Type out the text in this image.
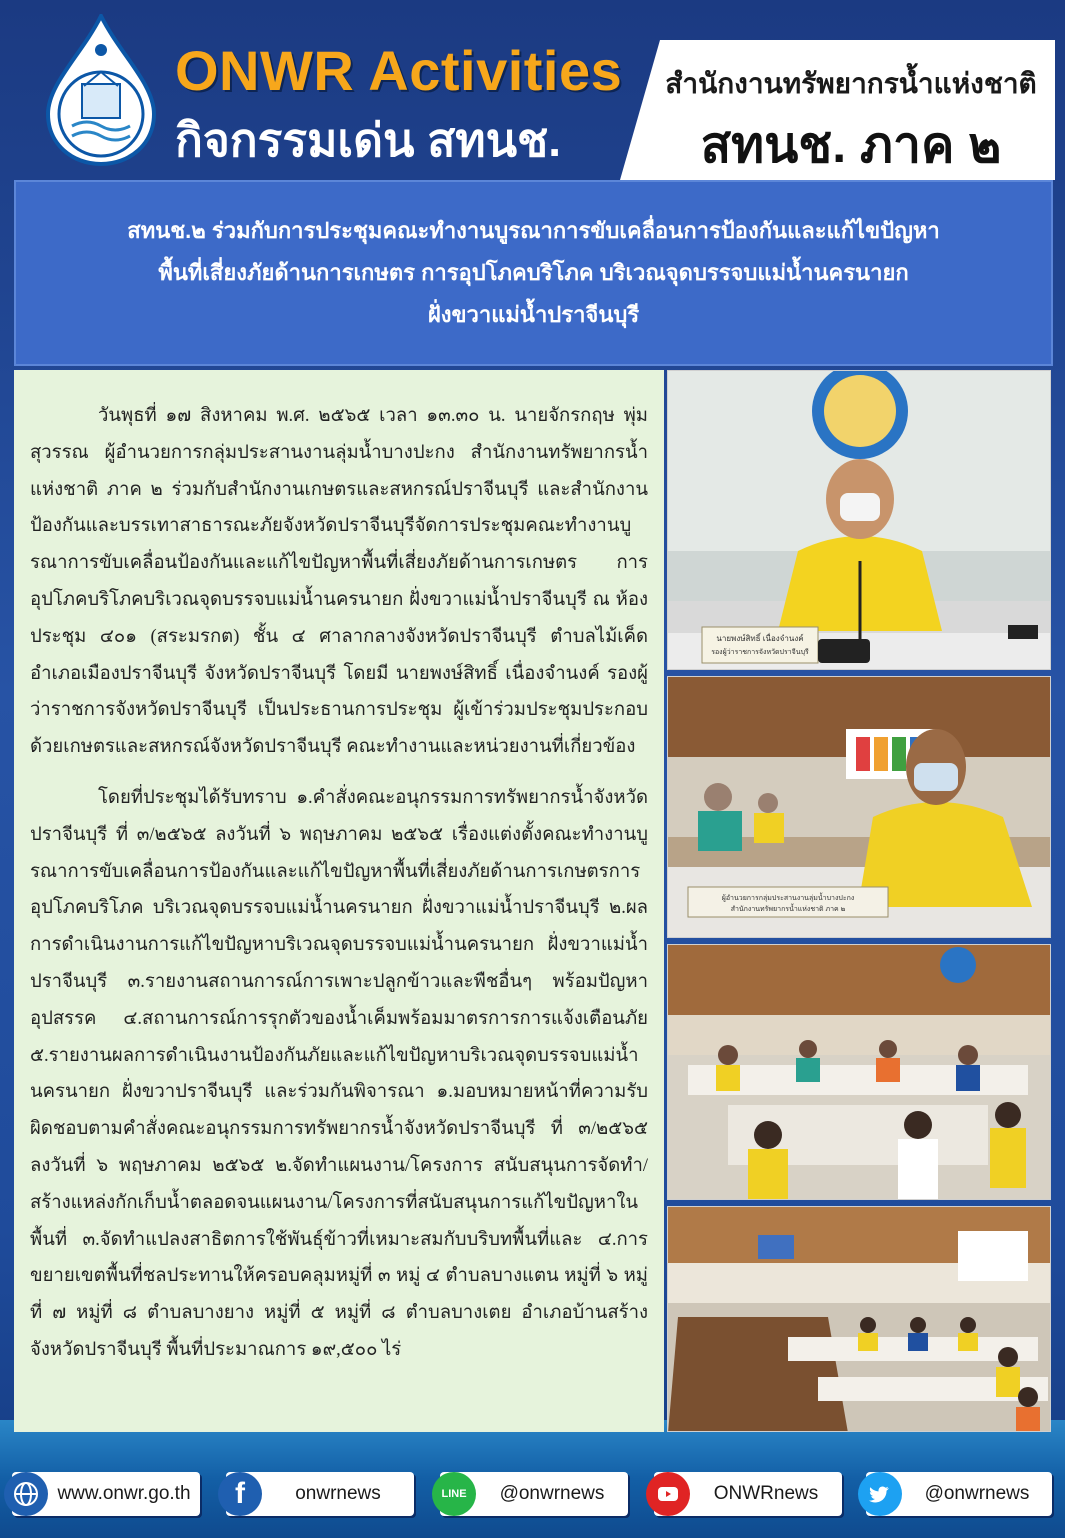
ONWR Activities
กิจกรรมเด่น สทนช.
สำนักงานทรัพยากรน้ำแห่งชาติ
สทนช. ภาค ๒
สทนช.๒ ร่วมกับการประชุมคณะทำงานบูรณาการขับเคลื่อนการป้องกันและแก้ไขปัญหา
พื้นที่เสี่ยงภัยด้านการเกษตร การอุปโภคบริโภค บริเวณจุดบรรจบแม่น้ำนครนายก
ฝั่งขวาแม่น้ำปราจีนบุรี

วันพุธที่ ๑๗ สิงหาคม พ.ศ. ๒๕๖๕ เวลา ๑๓.๓๐ น. นายจักรกฤษ พุ่มสุวรรณ ผู้อำนวยการกลุ่มประสานงานลุ่มน้ำบางปะกง สำนักงานทรัพยากรน้ำแห่งชาติ ภาค ๒ ร่วมกับสำนักงานเกษตรและสหกรณ์ปราจีนบุรี และสำนักงานป้องกันและบรรเทาสาธารณะภัยจังหวัดปราจีนบุรีจัดการประชุมคณะทำงานบูรณาการขับเคลื่อนป้องกันและแก้ไขปัญหาพื้นที่เสี่ยงภัยด้านการเกษตร การอุปโภคบริโภคบริเวณจุดบรรจบแม่น้ำนครนายก ฝั่งขวาแม่น้ำปราจีนบุรี ณ ห้องประชุม ๔๐๑ (สระมรกต) ชั้น ๔ ศาลากลางจังหวัดปราจีนบุรี ตำบลไม้เค็ด อำเภอเมืองปราจีนบุรี จังหวัดปราจีนบุรี โดยมี นายพงษ์สิทธิ์ เนื่องจำนงค์ รองผู้ว่าราชการจังหวัดปราจีนบุรี เป็นประธานการประชุม ผู้เข้าร่วมประชุมประกอบด้วยเกษตรและสหกรณ์จังหวัดปราจีนบุรี คณะทำงานและหน่วยงานที่เกี่ยวข้อง

โดยที่ประชุมได้รับทราบ ๑.คำสั่งคณะอนุกรรมการทรัพยากรน้ำจังหวัดปราจีนบุรี ที่ ๓/๒๕๖๕ ลงวันที่ ๖ พฤษภาคม ๒๕๖๕ เรื่องแต่งตั้งคณะทำงานบูรณาการขับเคลื่อนการป้องกันและแก้ไขปัญหาพื้นที่เสี่ยงภัยด้านการเกษตรการอุปโภคบริโภค บริเวณจุดบรรจบแม่น้ำนครนายก ฝั่งขวาแม่น้ำปราจีนบุรี ๒.ผลการดำเนินงานการแก้ไขปัญหาบริเวณจุดบรรจบแม่น้ำนครนายก ฝั่งขวาแม่น้ำปราจีนบุรี ๓.รายงานสถานการณ์การเพาะปลูกข้าวและพืชอื่นๆ พร้อมปัญหาอุปสรรค ๔.สถานการณ์การรุกตัวของน้ำเค็มพร้อมมาตรการการแจ้งเตือนภัย ๕.รายงานผลการดำเนินงานป้องกันภัยและแก้ไขปัญหาบริเวณจุดบรรจบแม่น้ำนครนายก ฝั่งขวาปราจีนบุรี และร่วมกันพิจารณา ๑.มอบหมายหน้าที่ความรับผิดชอบตามคำสั่งคณะอนุกรรมการทรัพยากรน้ำจังหวัดปราจีนบุรี ที่ ๓/๒๕๖๕ ลงวันที่ ๖ พฤษภาคม ๒๕๖๕ ๒.จัดทำแผนงาน/โครงการ สนับสนุนการจัดทำ/สร้างแหล่งกักเก็บน้ำตลอดจนแผนงาน/โครงการที่สนับสนุนการแก้ไขปัญหาในพื้นที่ ๓.จัดทำแปลงสาธิตการใช้พันธุ์ข้าวที่เหมาะสมกับบริบทพื้นที่และ ๔.การขยายเขตพื้นที่ชลประทานให้ครอบคลุมหมู่ที่ ๓ หมู่ ๔ ตำบลบางแตน หมู่ที่ ๖ หมู่ที่ ๗ หมู่ที่ ๘ ตำบลบางยาง หมู่ที่ ๕ หมู่ที่ ๘ ตำบลบางเตย อำเภอบ้านสร้าง จังหวัดปราจีนบุรี พื้นที่ประมาณการ ๑๙,๕๐๐ ไร่

นายพงษ์สิทธิ์ เนื่องจำนงค์
รองผู้ว่าราชการจังหวัดปราจีนบุรี
ผู้อำนวยการกลุ่มประสานงานลุ่มน้ำบางปะกง
สำนักงานทรัพยากรน้ำแห่งชาติ ภาค ๒
www.onwr.go.th	f	onwrnews	LINE	@onwrnews	ONWRnews	@onwrnews
